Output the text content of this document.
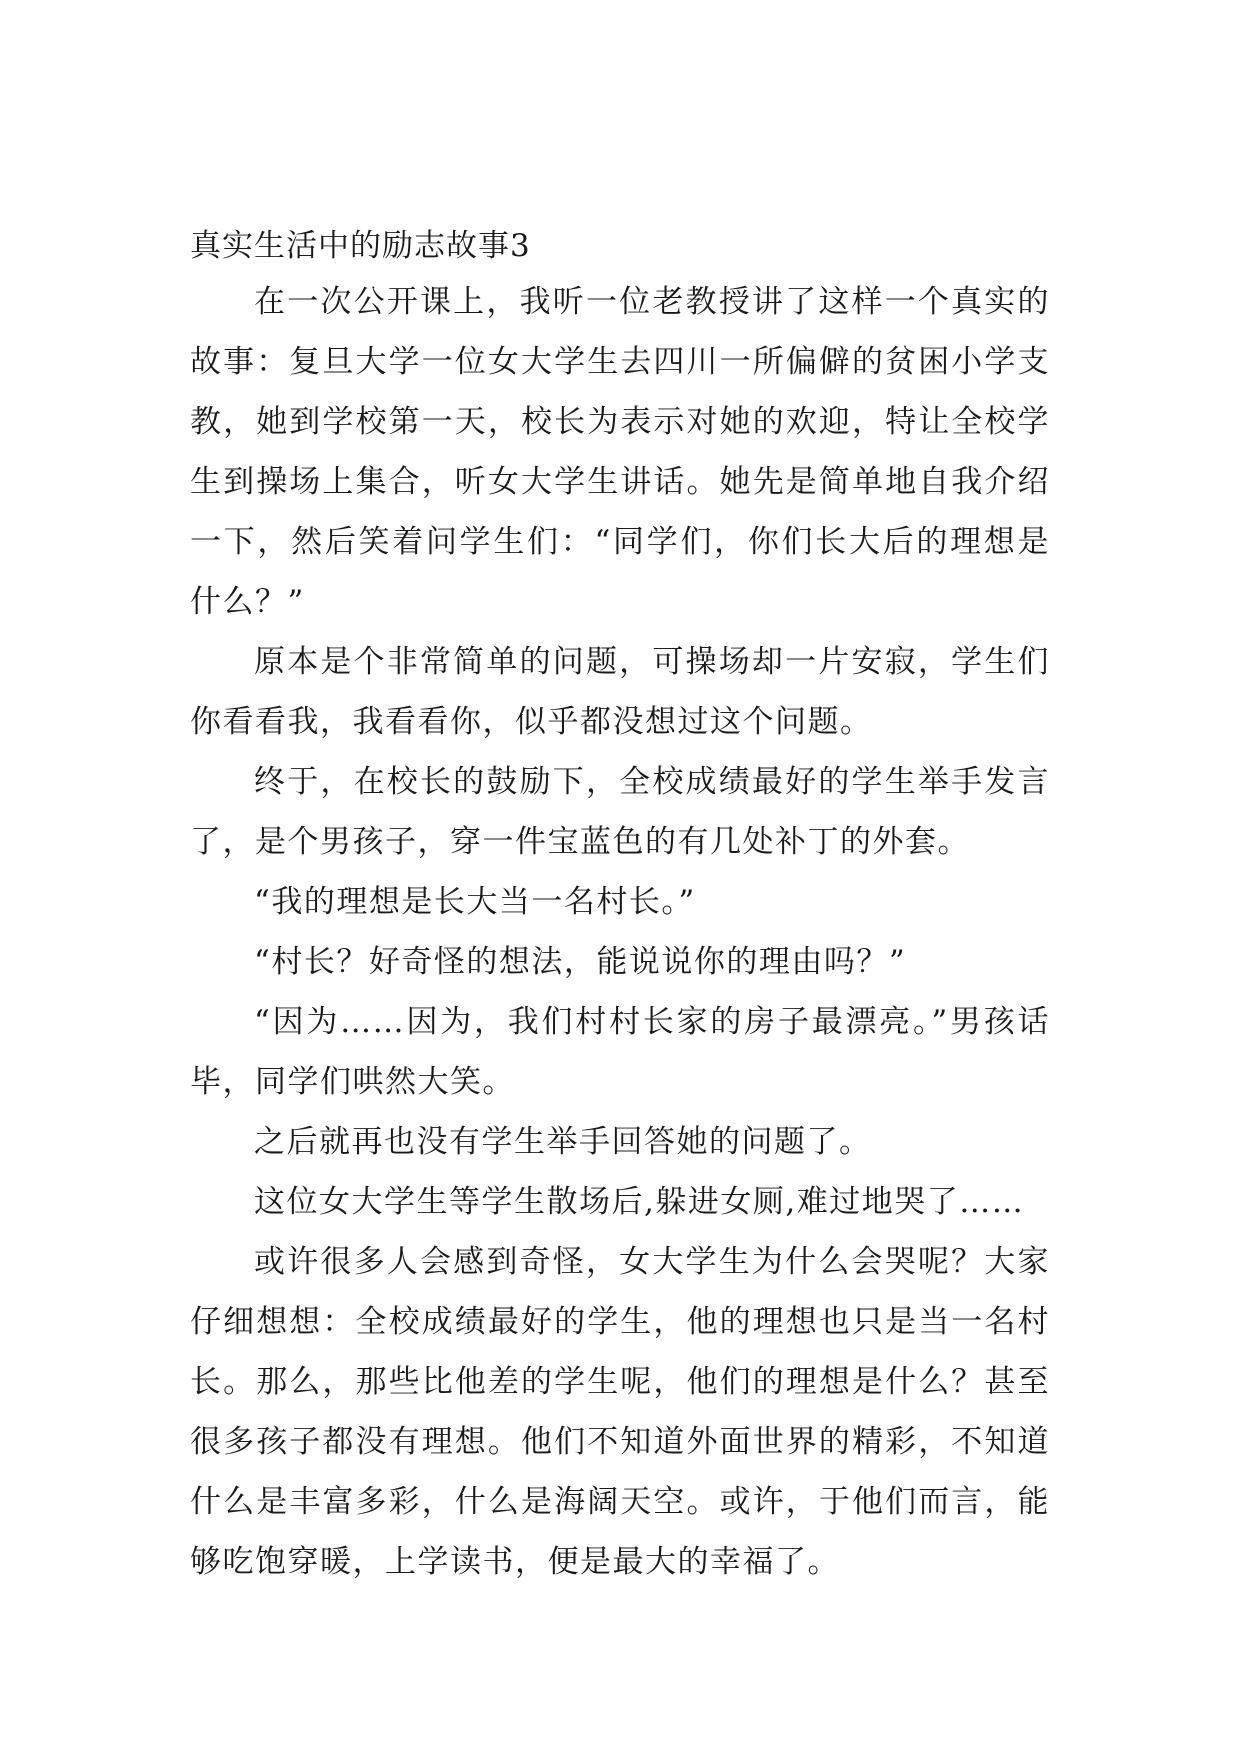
真实生活中的励志故事3

在一次公开课上，我听一位老教授讲了这样一个真实的故事：复旦大学一位女大学生去四川一所偏僻的贫困小学支教，她到学校第一天，校长为表示对她的欢迎，特让全校学生到操场上集合，听女大学生讲话。她先是简单地自我介绍一下，然后笑着问学生们：“同学们，你们长大后的理想是什么？”

原本是个非常简单的问题，可操场却一片安寂，学生们你看看我，我看看你，似乎都没想过这个问题。

终于，在校长的鼓励下，全校成绩最好的学生举手发言了，是个男孩子，穿一件宝蓝色的有几处补丁的外套。

“我的理想是长大当一名村长。”

“村长？好奇怪的想法，能说说你的理由吗？”

“因为……因为，我们村村长家的房子最漂亮。”男孩话毕，同学们哄然大笑。

之后就再也没有学生举手回答她的问题了。

这位女大学生等学生散场后,躲进女厕,难过地哭了……

或许很多人会感到奇怪，女大学生为什么会哭呢？大家仔细想想：全校成绩最好的学生，他的理想也只是当一名村长。那么，那些比他差的学生呢，他们的理想是什么？甚至很多孩子都没有理想。他们不知道外面世界的精彩，不知道什么是丰富多彩，什么是海阔天空。或许，于他们而言，能够吃饱穿暖，上学读书，便是最大的幸福了。
